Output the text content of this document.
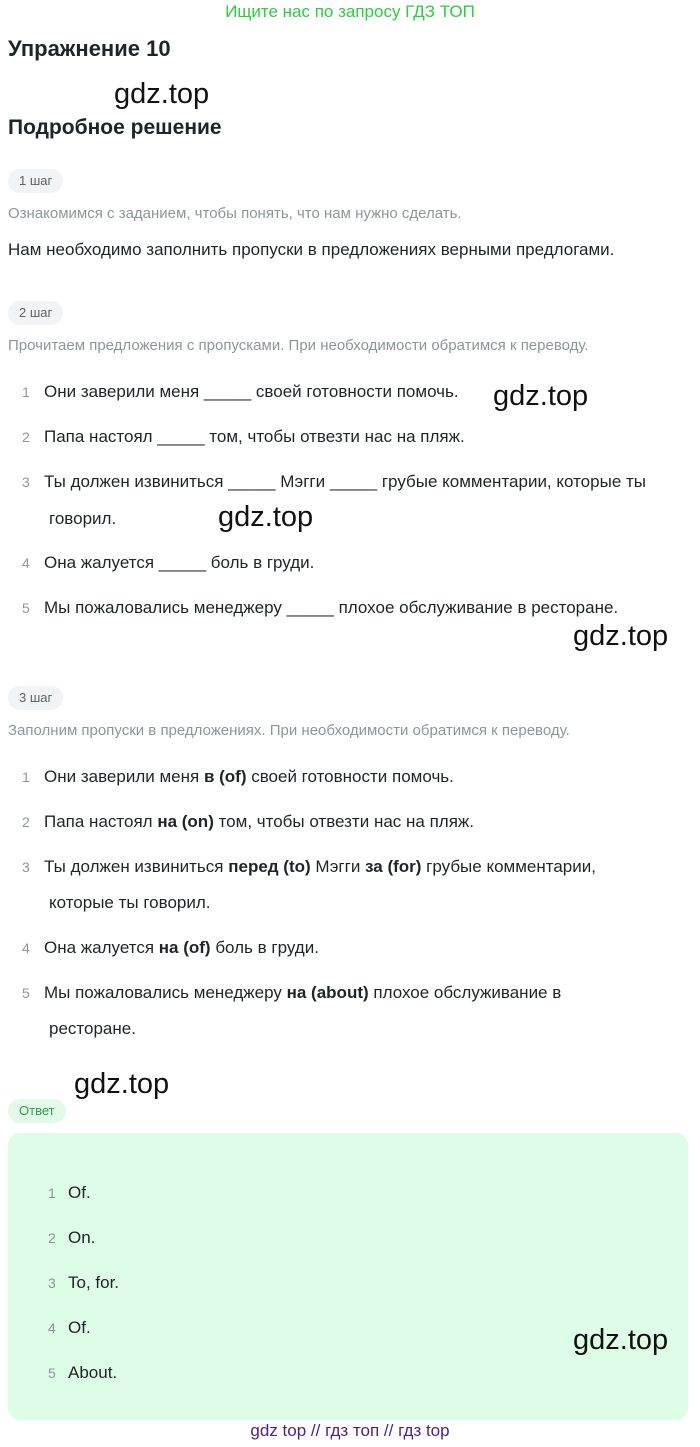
Ищите нас по запросу ГДЗ ТОП
Упражнение 10
gdz.top
Подробное решение
1 шаг
Ознакомимся с заданием, чтобы понять, что нам нужно сделать.
Нам необходимо заполнить пропуски в предложениях верными предлогами.
2 шаг
Прочитаем предложения с пропусками. При необходимости обратимся к переводу.
1 Они заверили меня _____ своей готовности помочь.
2 Папа настоял _____ том, чтобы отвезти нас на пляж.
3 Ты должен извиниться _____ Мэгги _____ грубые комментарии, которые ты
говорил.
4 Она жалуется _____ боль в груди.
5 Мы пожаловались менеджеру _____ плохое обслуживание в ресторане.
gdz.top
gdz.top
gdz.top
3 шаг
Заполним пропуски в предложениях. При необходимости обратимся к переводу.
1 Они заверили меня в (of) своей готовности помочь.
2 Папа настоял на (on) том, чтобы отвезти нас на пляж.
3 Ты должен извиниться перед (to) Мэгги за (for) грубые комментарии,
которые ты говорил.
4 Она жалуется на (of) боль в груди.
5 Мы пожаловались менеджеру на (about) плохое обслуживание в
ресторане.
gdz.top
Ответ
1 Of.
2 On.
3 To, for.
4 Of.
5 About.
gdz.top
gdz top // гдз топ // гдз top
